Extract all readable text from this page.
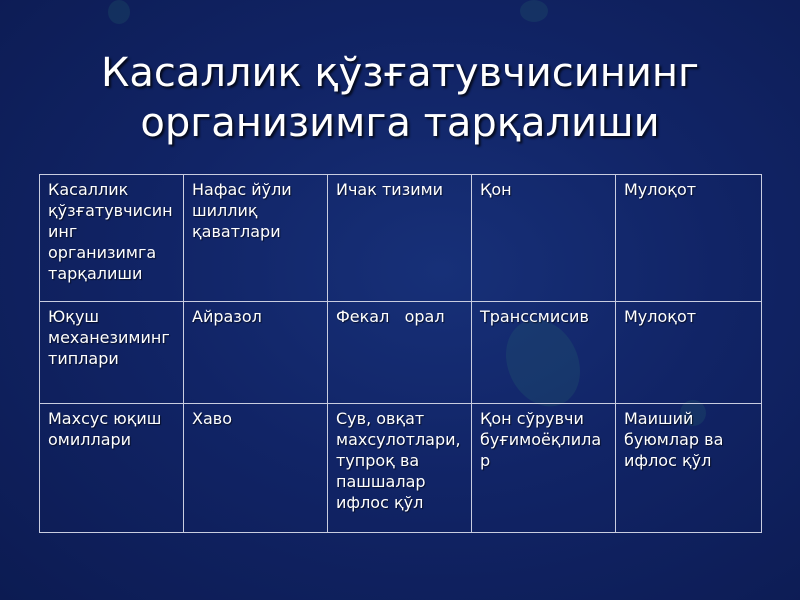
Касаллик қўзғатувчисининг
организимга тарқалиши
Касаллик қўзғатувчисининг организимга тарқалиши	Нафас йўли шиллиқ қаватлари	Ичак тизими	Қон	Мулоқот
Юқуш механезиминг типлари	Айразол	Фекал   орал	Транссмисив	Мулоқот
Махсус юқиш омиллари	Хаво	Сув, овқат махсулотлари, тупроқ ва пашшалар ифлос қўл	Қон сўрувчи буғимоёқлилар	Маиший буюмлар ва ифлос қўл
